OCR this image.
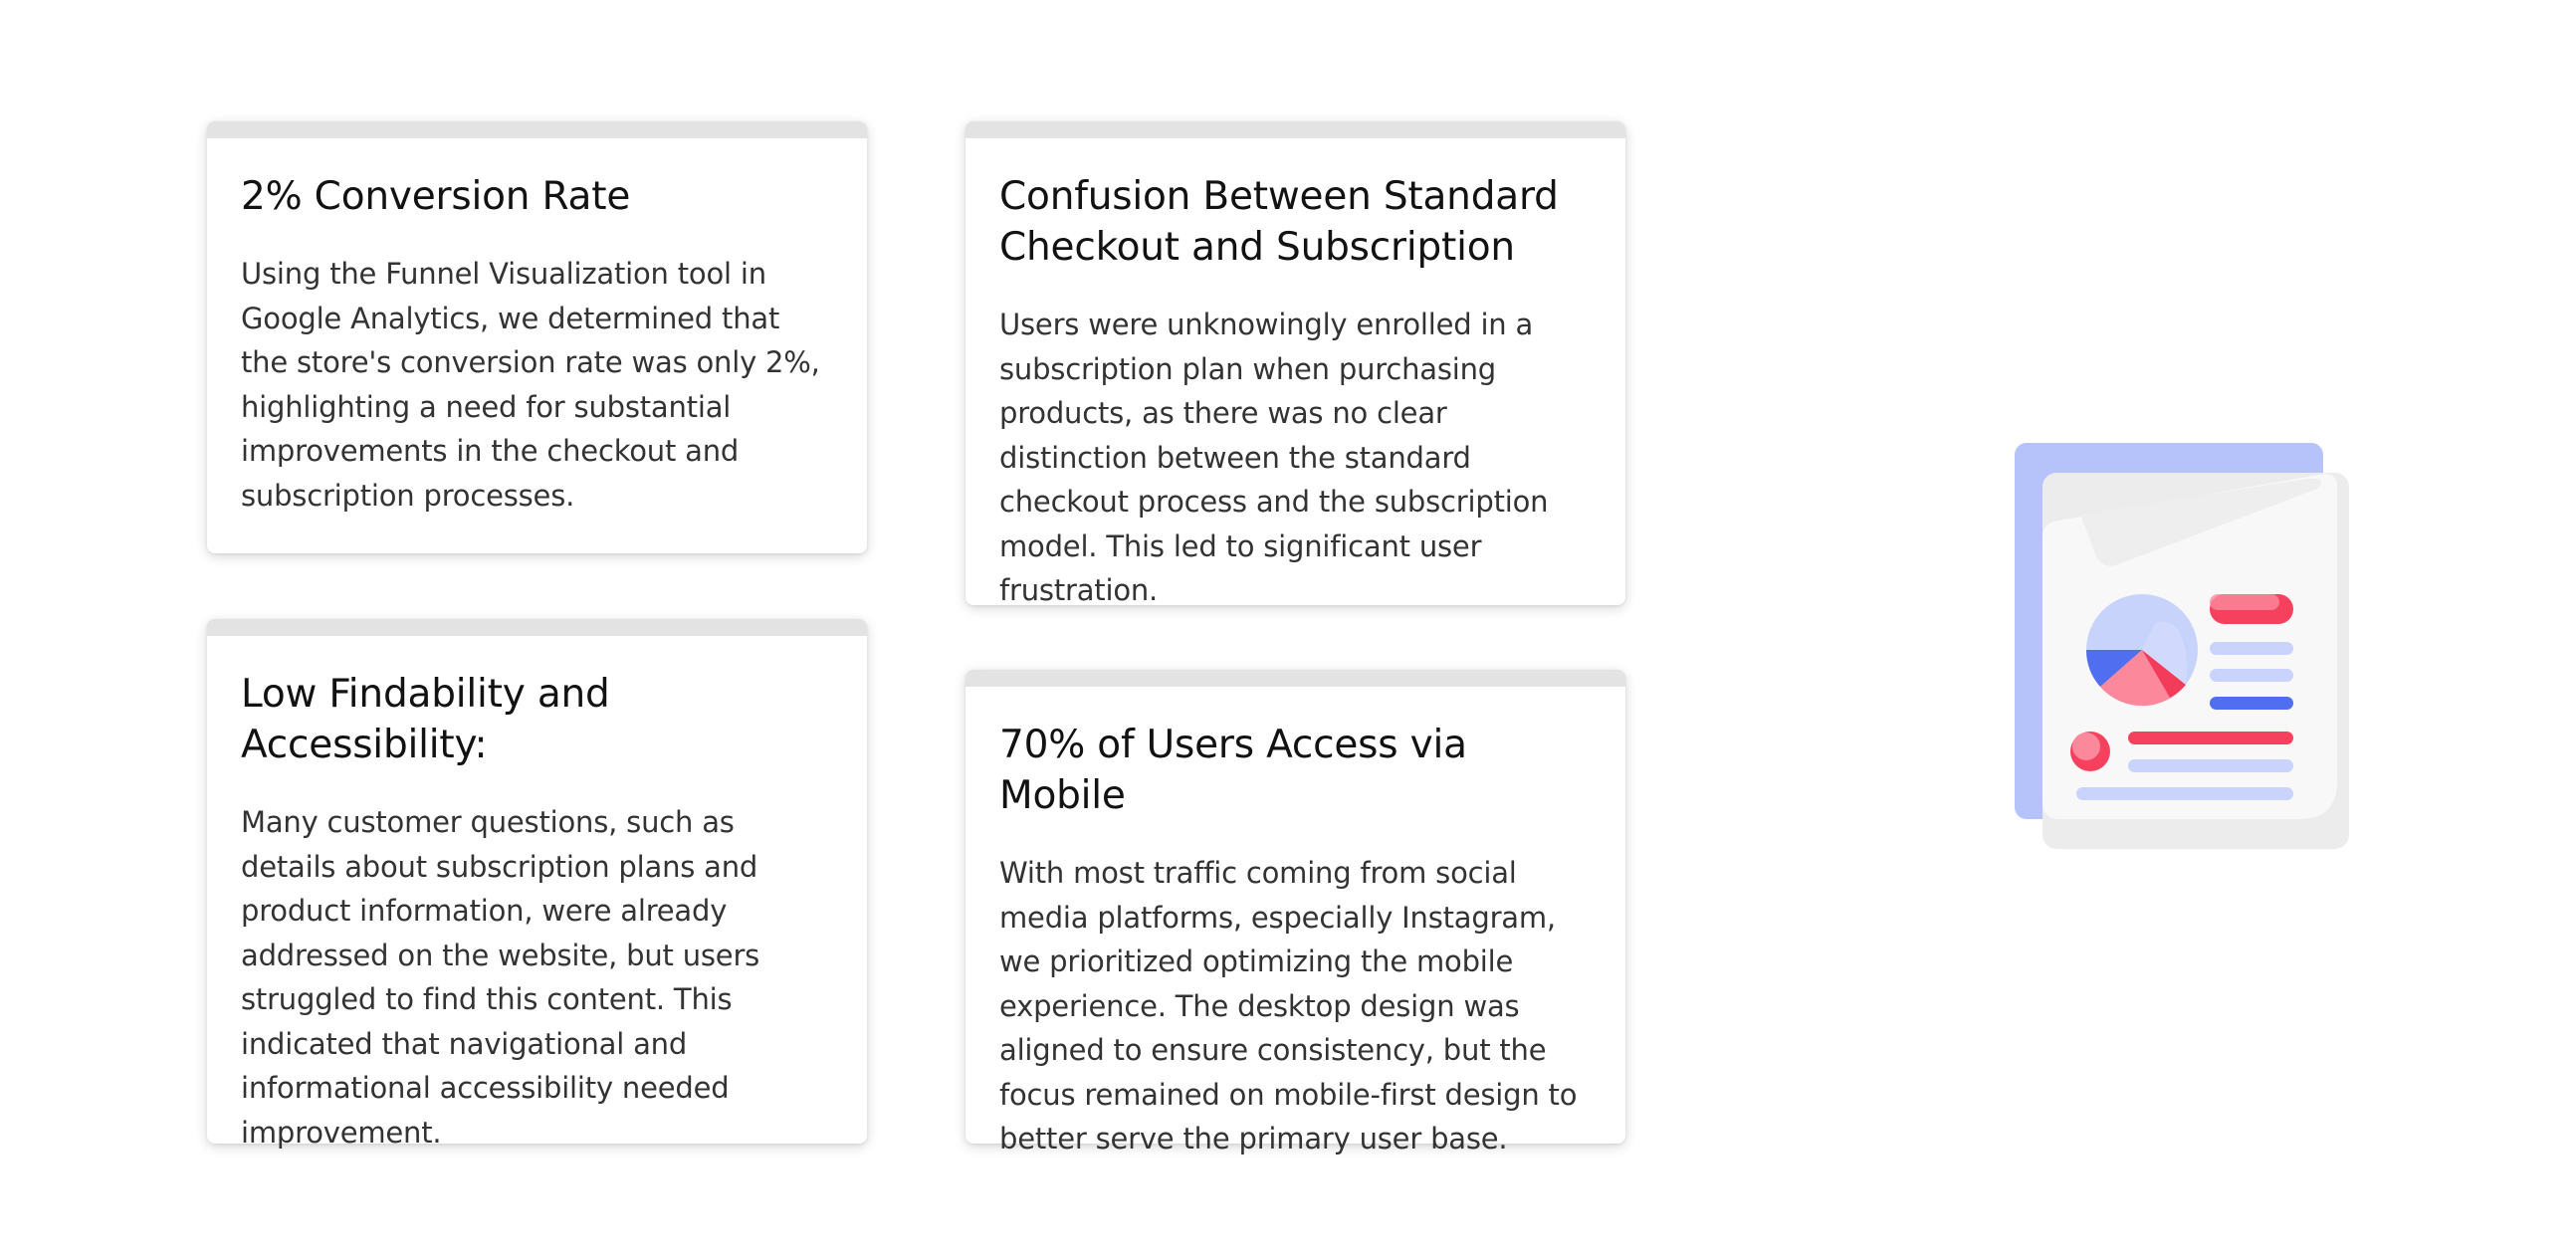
2% Conversion Rate

Using the Funnel Visualization tool in Google Analytics, we determined that the store's conversion rate was only 2%, highlighting a need for substantial improvements in the checkout and subscription processes.

Confusion Between Standard Checkout and Subscription

Users were unknowingly enrolled in a subscription plan when purchasing products, as there was no clear distinction between the standard checkout process and the subscription model. This led to significant user frustration.

Low Findability and Accessibility:

Many customer questions, such as details about subscription plans and product information, were already addressed on the website, but users struggled to find this content. This indicated that navigational and informational accessibility needed improvement.

70% of Users Access via Mobile

With most traffic coming from social media platforms, especially Instagram, we prioritized optimizing the mobile experience. The desktop design was aligned to ensure consistency, but the focus remained on mobile-first design to better serve the primary user base.
